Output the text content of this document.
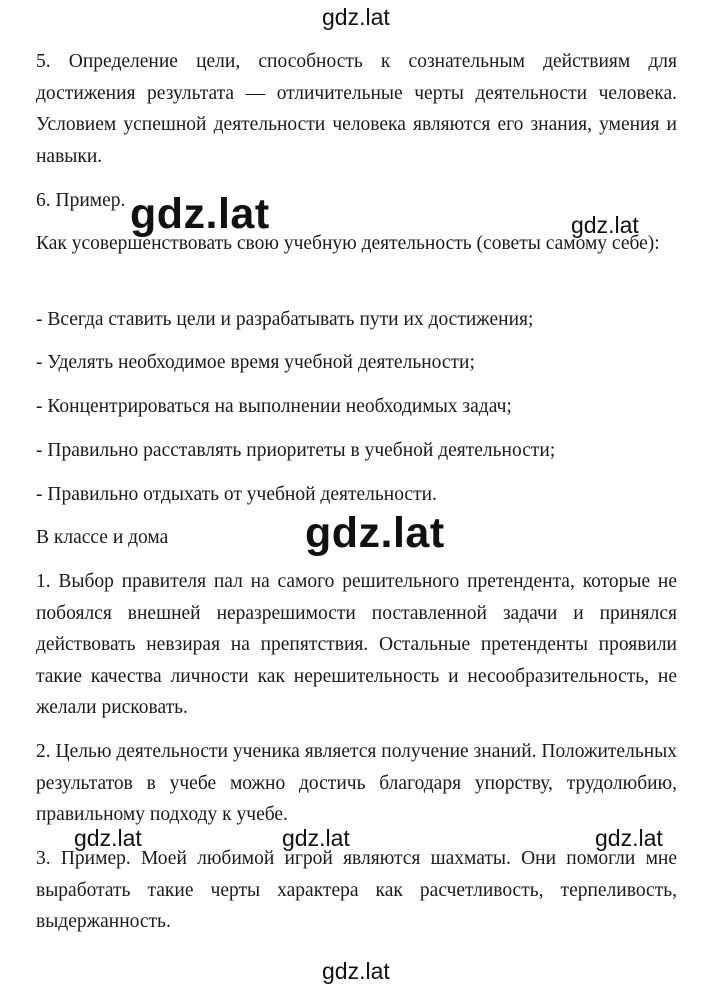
gdz.lat

5. Определение цели, способность к сознательным действиям для достижения результата — отличительные черты деятельности человека. Условием успешной деятельности человека являются его знания, умения и навыки.

6. Пример.

Как усовершенствовать свою учебную деятельность (советы самому себе):

- Всегда ставить цели и разрабатывать пути их достижения;

- Уделять необходимое время учебной деятельности;

- Концентрироваться на выполнении необходимых задач;

- Правильно расставлять приоритеты в учебной деятельности;

- Правильно отдыхать от учебной деятельности.

В классе и дома

1. Выбор правителя пал на самого решительного претендента, которые не побоялся внешней неразрешимости поставленной задачи и принялся действовать невзирая на препятствия. Остальные претенденты проявили такие качества личности как нерешительность и несообразительность, не желали рисковать.

2. Целью деятельности ученика является получение знаний. Положительных результатов в учебе можно достичь благодаря упорству, трудолюбию, правильному подходу к учебе.

3. Пример. Моей любимой игрой являются шахматы. Они помогли мне выработать такие черты характера как расчетливость, терпеливость, выдержанность.

gdz.lat	gdz.lat
gdz.lat
gdz.lat	gdz.lat	gdz.lat
gdz.lat
